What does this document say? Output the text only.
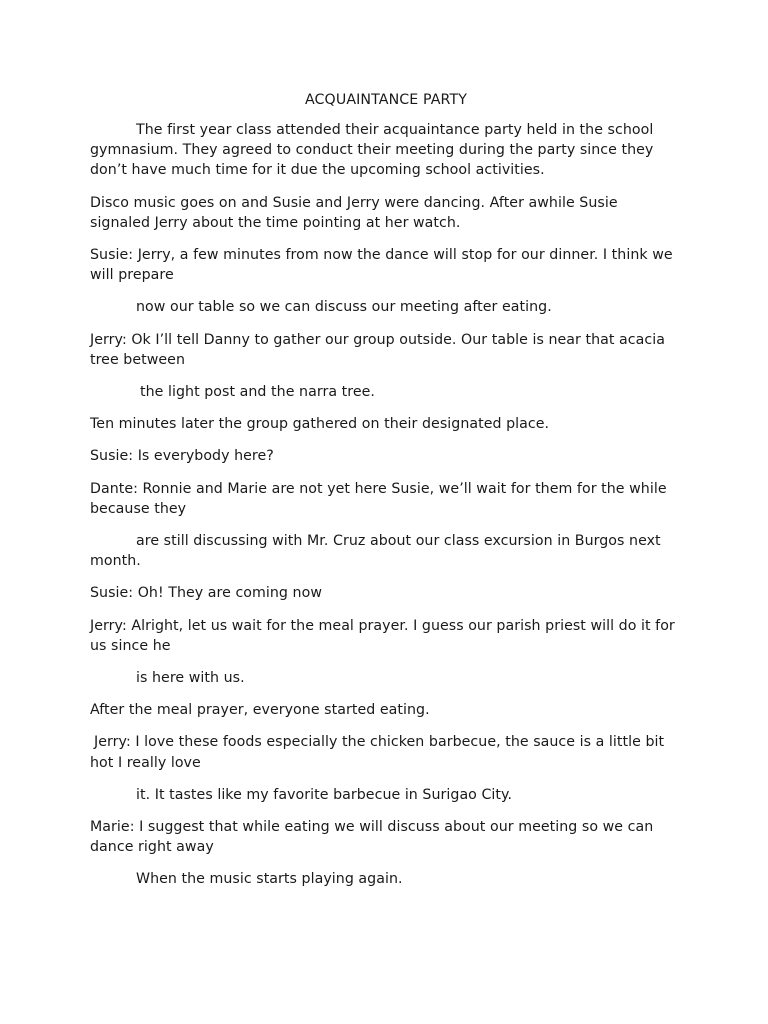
ACQUAINTANCE PARTY

The first year class attended their acquaintance party held in the school gymnasium. They agreed to conduct their meeting during the party since they don’t have much time for it due the upcoming school activities.

Disco music goes on and Susie and Jerry were dancing. After awhile Susie signaled Jerry about the time pointing at her watch.

Susie: Jerry, a few minutes from now the dance will stop for our dinner. I think we will prepare

now our table so we can discuss our meeting after eating.

Jerry: Ok I’ll tell Danny to gather our group outside. Our table is near that acacia tree between

the light post and the narra tree.

Ten minutes later the group gathered on their designated place.

Susie: Is everybody here?

Dante: Ronnie and Marie are not yet here Susie, we’ll wait for them for the while because they

are still discussing with Mr. Cruz about our class excursion in Burgos next month.

Susie: Oh! They are coming now

Jerry: Alright, let us wait for the meal prayer. I guess our parish priest will do it for us since he

is here with us.

After the meal prayer, everyone started eating.

Jerry: I love these foods especially the chicken barbecue, the sauce is a little bit hot I really love

it. It tastes like my favorite barbecue in Surigao City.

Marie: I suggest that while eating we will discuss about our meeting so we can dance right away

When the music starts playing again.
